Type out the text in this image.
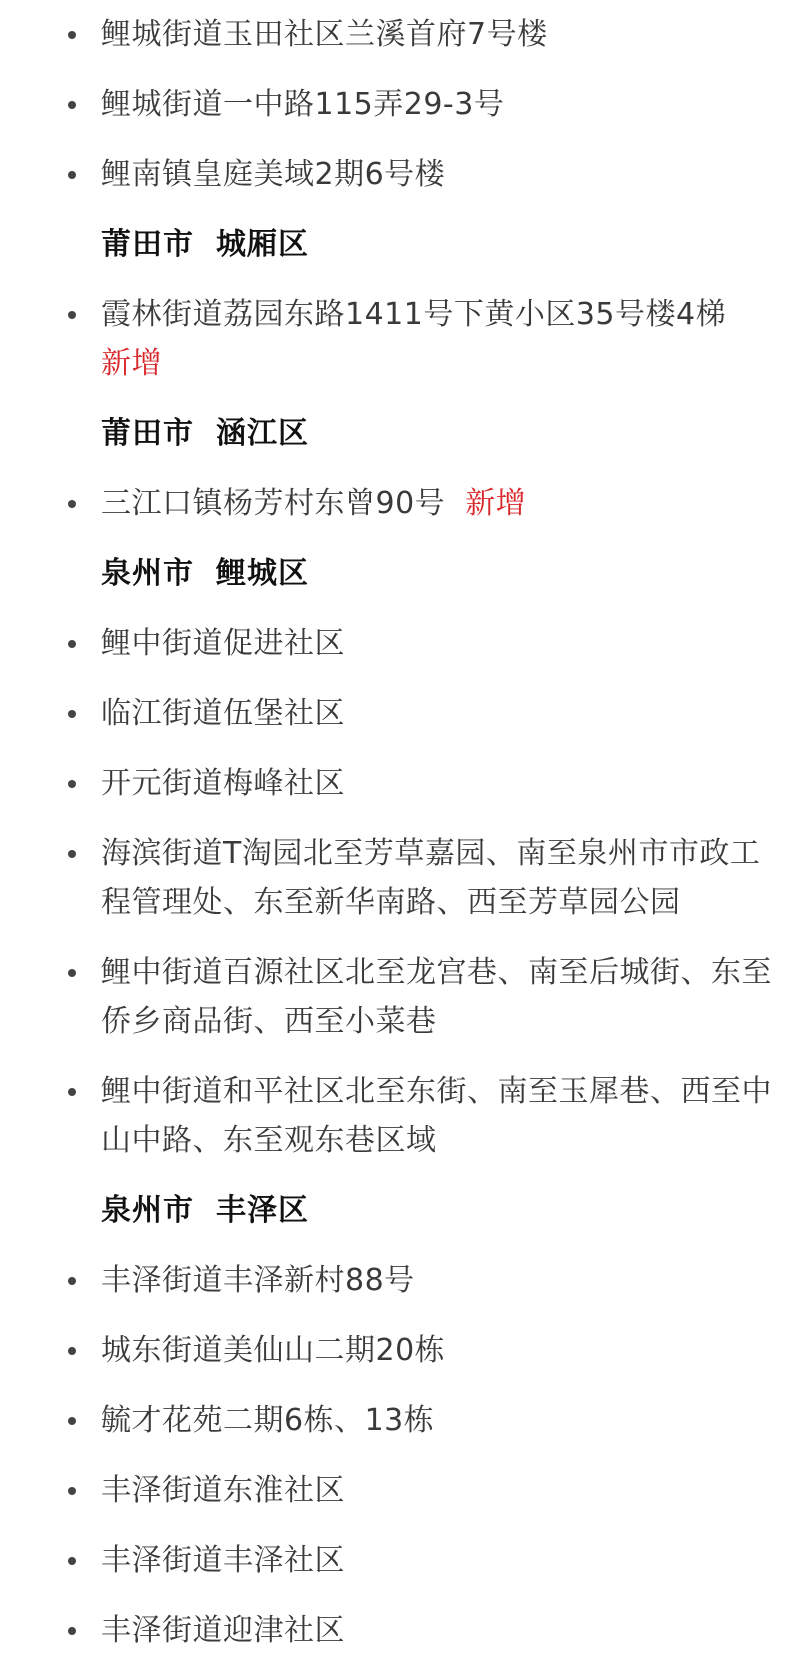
鲤城街道玉田社区兰溪首府7号楼
鲤城街道一中路115弄29-3号
鲤南镇皇庭美域2期6号楼
莆田市 城厢区
霞林街道荔园东路1411号下黄小区35号楼4梯
新增
莆田市 涵江区
三江口镇杨芳村东曾90号 新增
泉州市 鲤城区
鲤中街道促进社区
临江街道伍堡社区
开元街道梅峰社区
海滨街道T淘园北至芳草嘉园、南至泉州市市政工程管理处、东至新华南路、西至芳草园公园
鲤中街道百源社区北至龙宫巷、南至后城街、东至侨乡商品街、西至小菜巷
鲤中街道和平社区北至东街、南至玉犀巷、西至中山中路、东至观东巷区域
泉州市 丰泽区
丰泽街道丰泽新村88号
城东街道美仙山二期20栋
毓才花苑二期6栋、13栋
丰泽街道东淮社区
丰泽街道丰泽社区
丰泽街道迎津社区
